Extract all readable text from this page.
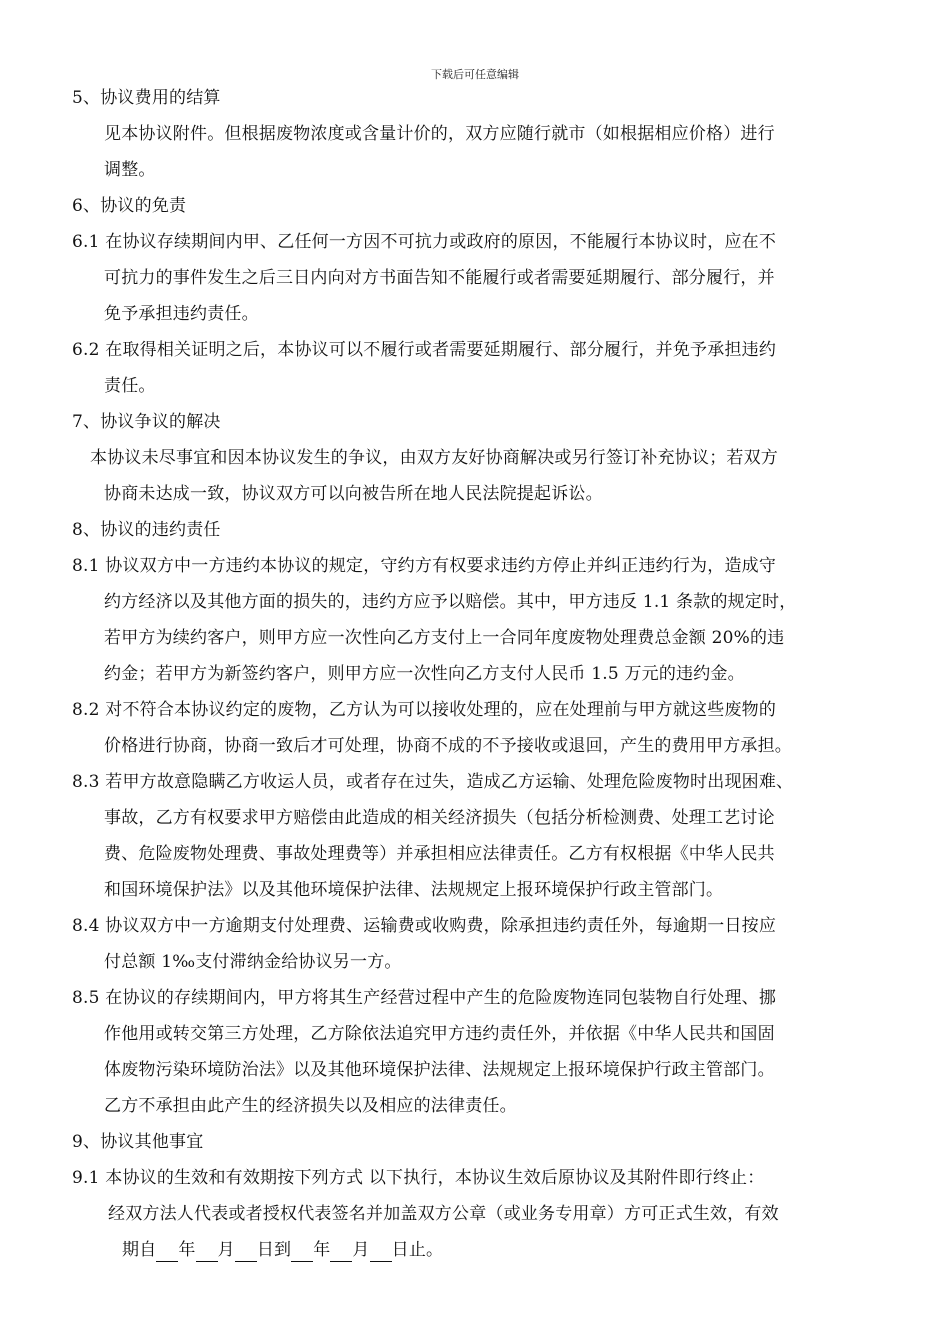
下载后可任意编辑
5、协议费用的结算
见本协议附件。但根据废物浓度或含量计价的，双方应随行就市（如根据相应价格）进行
调整。
6、协议的免责
6.1 在协议存续期间内甲、乙任何一方因不可抗力或政府的原因，不能履行本协议时，应在不
可抗力的事件发生之后三日内向对方书面告知不能履行或者需要延期履行、部分履行，并
免予承担违约责任。
6.2 在取得相关证明之后，本协议可以不履行或者需要延期履行、部分履行，并免予承担违约
责任。
7、协议争议的解决
本协议未尽事宜和因本协议发生的争议，由双方友好协商解决或另行签订补充协议；若双方
协商未达成一致，协议双方可以向被告所在地人民法院提起诉讼。
8、协议的违约责任
8.1 协议双方中一方违约本协议的规定，守约方有权要求违约方停止并纠正违约行为，造成守
约方经济以及其他方面的损失的，违约方应予以赔偿。其中，甲方违反 1.1 条款的规定时，
若甲方为续约客户，则甲方应一次性向乙方支付上一合同年度废物处理费总金额 20%的违
约金；若甲方为新签约客户，则甲方应一次性向乙方支付人民币 1.5 万元的违约金。
8.2 对不符合本协议约定的废物，乙方认为可以接收处理的，应在处理前与甲方就这些废物的
价格进行协商，协商一致后才可处理，协商不成的不予接收或退回，产生的费用甲方承担。
8.3 若甲方故意隐瞒乙方收运人员，或者存在过失，造成乙方运输、处理危险废物时出现困难、
事故，乙方有权要求甲方赔偿由此造成的相关经济损失（包括分析检测费、处理工艺讨论
费、危险废物处理费、事故处理费等）并承担相应法律责任。乙方有权根据《中华人民共
和国环境保护法》以及其他环境保护法律、法规规定上报环境保护行政主管部门。
8.4 协议双方中一方逾期支付处理费、运输费或收购费，除承担违约责任外，每逾期一日按应
付总额 1‰支付滞纳金给协议另一方。
8.5 在协议的存续期间内，甲方将其生产经营过程中产生的危险废物连同包装物自行处理、挪
作他用或转交第三方处理，乙方除依法追究甲方违约责任外，并依据《中华人民共和国固
体废物污染环境防治法》以及其他环境保护法律、法规规定上报环境保护行政主管部门。
乙方不承担由此产生的经济损失以及相应的法律责任。
9、协议其他事宜
9.1 本协议的生效和有效期按下列方式 以下执行，本协议生效后原协议及其附件即行终止：
经双方法人代表或者授权代表签名并加盖双方公章（或业务专用章）方可正式生效，有效
期自 年 月 日到 年 月 日止。
